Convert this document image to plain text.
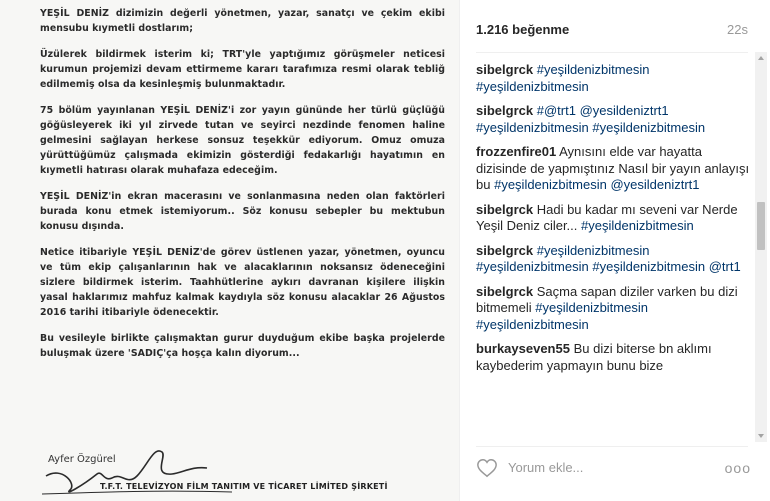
YEŞİL DENİZ dizimizin değerli yönetmen, yazar, sanatçı ve çekim ekibi mensubu kıymetli dostlarım;

Üzülerek bildirmek isterim ki; TRT'yle yaptığımız görüşmeler neticesi kurumun projemizi devam ettirmeme kararı tarafımıza resmi olarak tebliğ edilmemiş olsa da kesinleşmiş bulunmaktadır.

75 bölüm yayınlanan YEŞİL DENİZ'i zor yayın gününde her türlü güçlüğü göğüsleyerek iki yıl zirvede tutan ve seyirci nezdinde fenomen haline gelmesini sağlayan herkese sonsuz teşekkür ediyorum. Omuz omuza yürüttüğümüz çalışmada ekimizin gösterdiği fedakarlığı hayatımın en kıymetli hatırası olarak muhafaza edeceğim.

YEŞİL DENİZ'in ekran macerasını ve sonlanmasına neden olan faktörleri burada konu etmek istemiyorum.. Söz konusu sebepler bu mektubun konusu dışında.

Netice itibariyle YEŞİL DENİZ'de görev üstlenen yazar, yönetmen, oyuncu ve tüm ekip çalışanlarının hak ve alacaklarının noksansız ödeneceğini sizlere bildirmek isterim. Taahhütlerine aykırı davranan kişilere ilişkin yasal haklarımız mahfuz kalmak kaydıyla söz konusu alacaklar 26 Ağustos 2016 tarihi itibariyle ödenecektir.

Bu vesileyle birlikte çalışmaktan gurur duyduğum ekibe başka projelerde buluşmak üzere 'SADIÇ'ça hoşça kalın diyorum...

Ayfer Özgürel
T.F.T. TELEVİZYON FİLM TANITIM VE TİCARET LİMİTED ŞİRKETİ
1.216 beğenme	22s
sibelgrck #yeşildenizbitmesin #yeşildenizbitmesin
sibelgrck #@trt1 @yesildeniztrt1 #yeşildenizbitmesin #yeşildenizbitmesin
frozzenfire01 Aynısını elde var hayatta dizisinde de yapmıştınız Nasıl bir yayın anlayışı bu #yeşildenizbitmesin @yesildeniztrt1
sibelgrck Hadi bu kadar mı seveni var Nerde Yeşil Deniz ciler... #yeşildenizbitmesin
sibelgrck #yeşildenizbitmesin #yeşildenizbitmesin #yeşildenizbitmesin @trt1
sibelgrck Saçma sapan diziler varken bu dizi bitmemeli #yeşildenizbitmesin #yeşildenizbitmesin
burkayseven55 Bu dizi biterse bn aklımı kaybederim yapmayın bunu bize
Yorum ekle...	ooo
